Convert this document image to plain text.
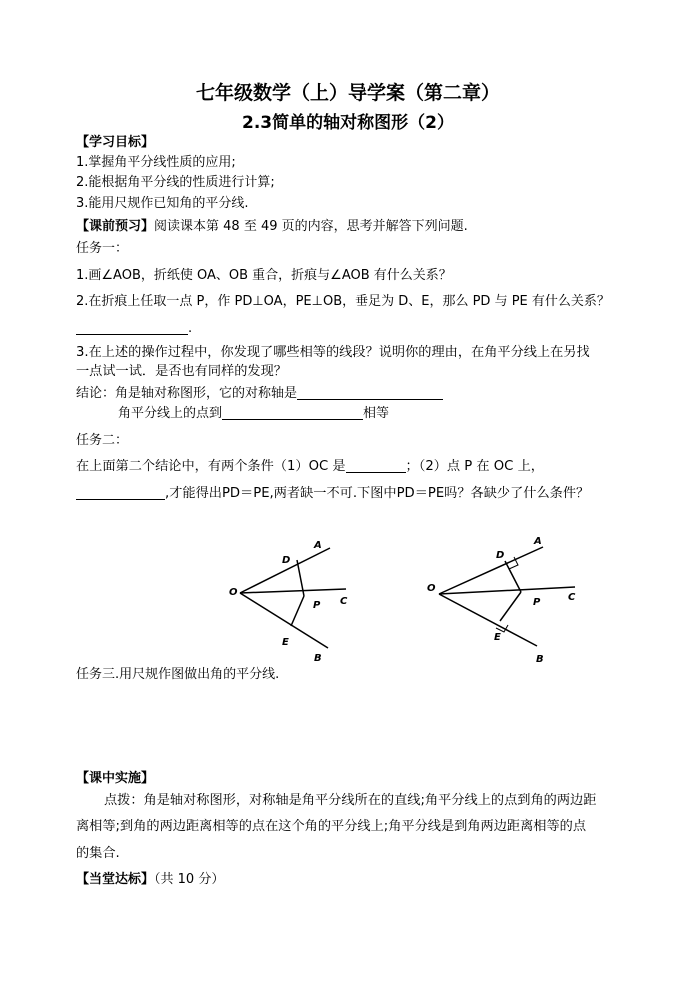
七年级数学（上）导学案（第二章）
2.3简单的轴对称图形（2）
【学习目标】
1.掌握角平分线性质的应用;
2.能根据角平分线的性质进行计算;
3.能用尺规作已知角的平分线.
【课前预习】阅读课本第 48 至 49 页的内容，思考并解答下列问题.
任务一：
1.画∠AOB，折纸使 OA、OB 重合，折痕与∠AOB 有什么关系？
2.在折痕上任取一点 P，作 PD⊥OA，PE⊥OB，垂足为 D、E，那么 PD 与 PE 有什么关系？
.
3.在上述的操作过程中，你发现了哪些相等的线段？说明你的理由，在角平分线上在另找
一点试一试．是否也有同样的发现？
结论：角是轴对称图形，它的对称轴是
角平分线上的点到	相等
任务二：
在上面第二个结论中，有两个条件（1）OC 是	；（2）点 P 在 OC 上，
,才能得出PD＝PE,两者缺一不可.下图中PD＝PE吗？各缺少了什么条件？
O
A
D
P C
E
B
O
A
D
P	C
E
B
任务三.用尺规作图做出角的平分线.
【课中实施】
点拨：角是轴对称图形，对称轴是角平分线所在的直线;角平分线上的点到角的两边距
离相等;到角的两边距离相等的点在这个角的平分线上;角平分线是到角两边距离相等的点
的集合.
【当堂达标】（共 10 分）
